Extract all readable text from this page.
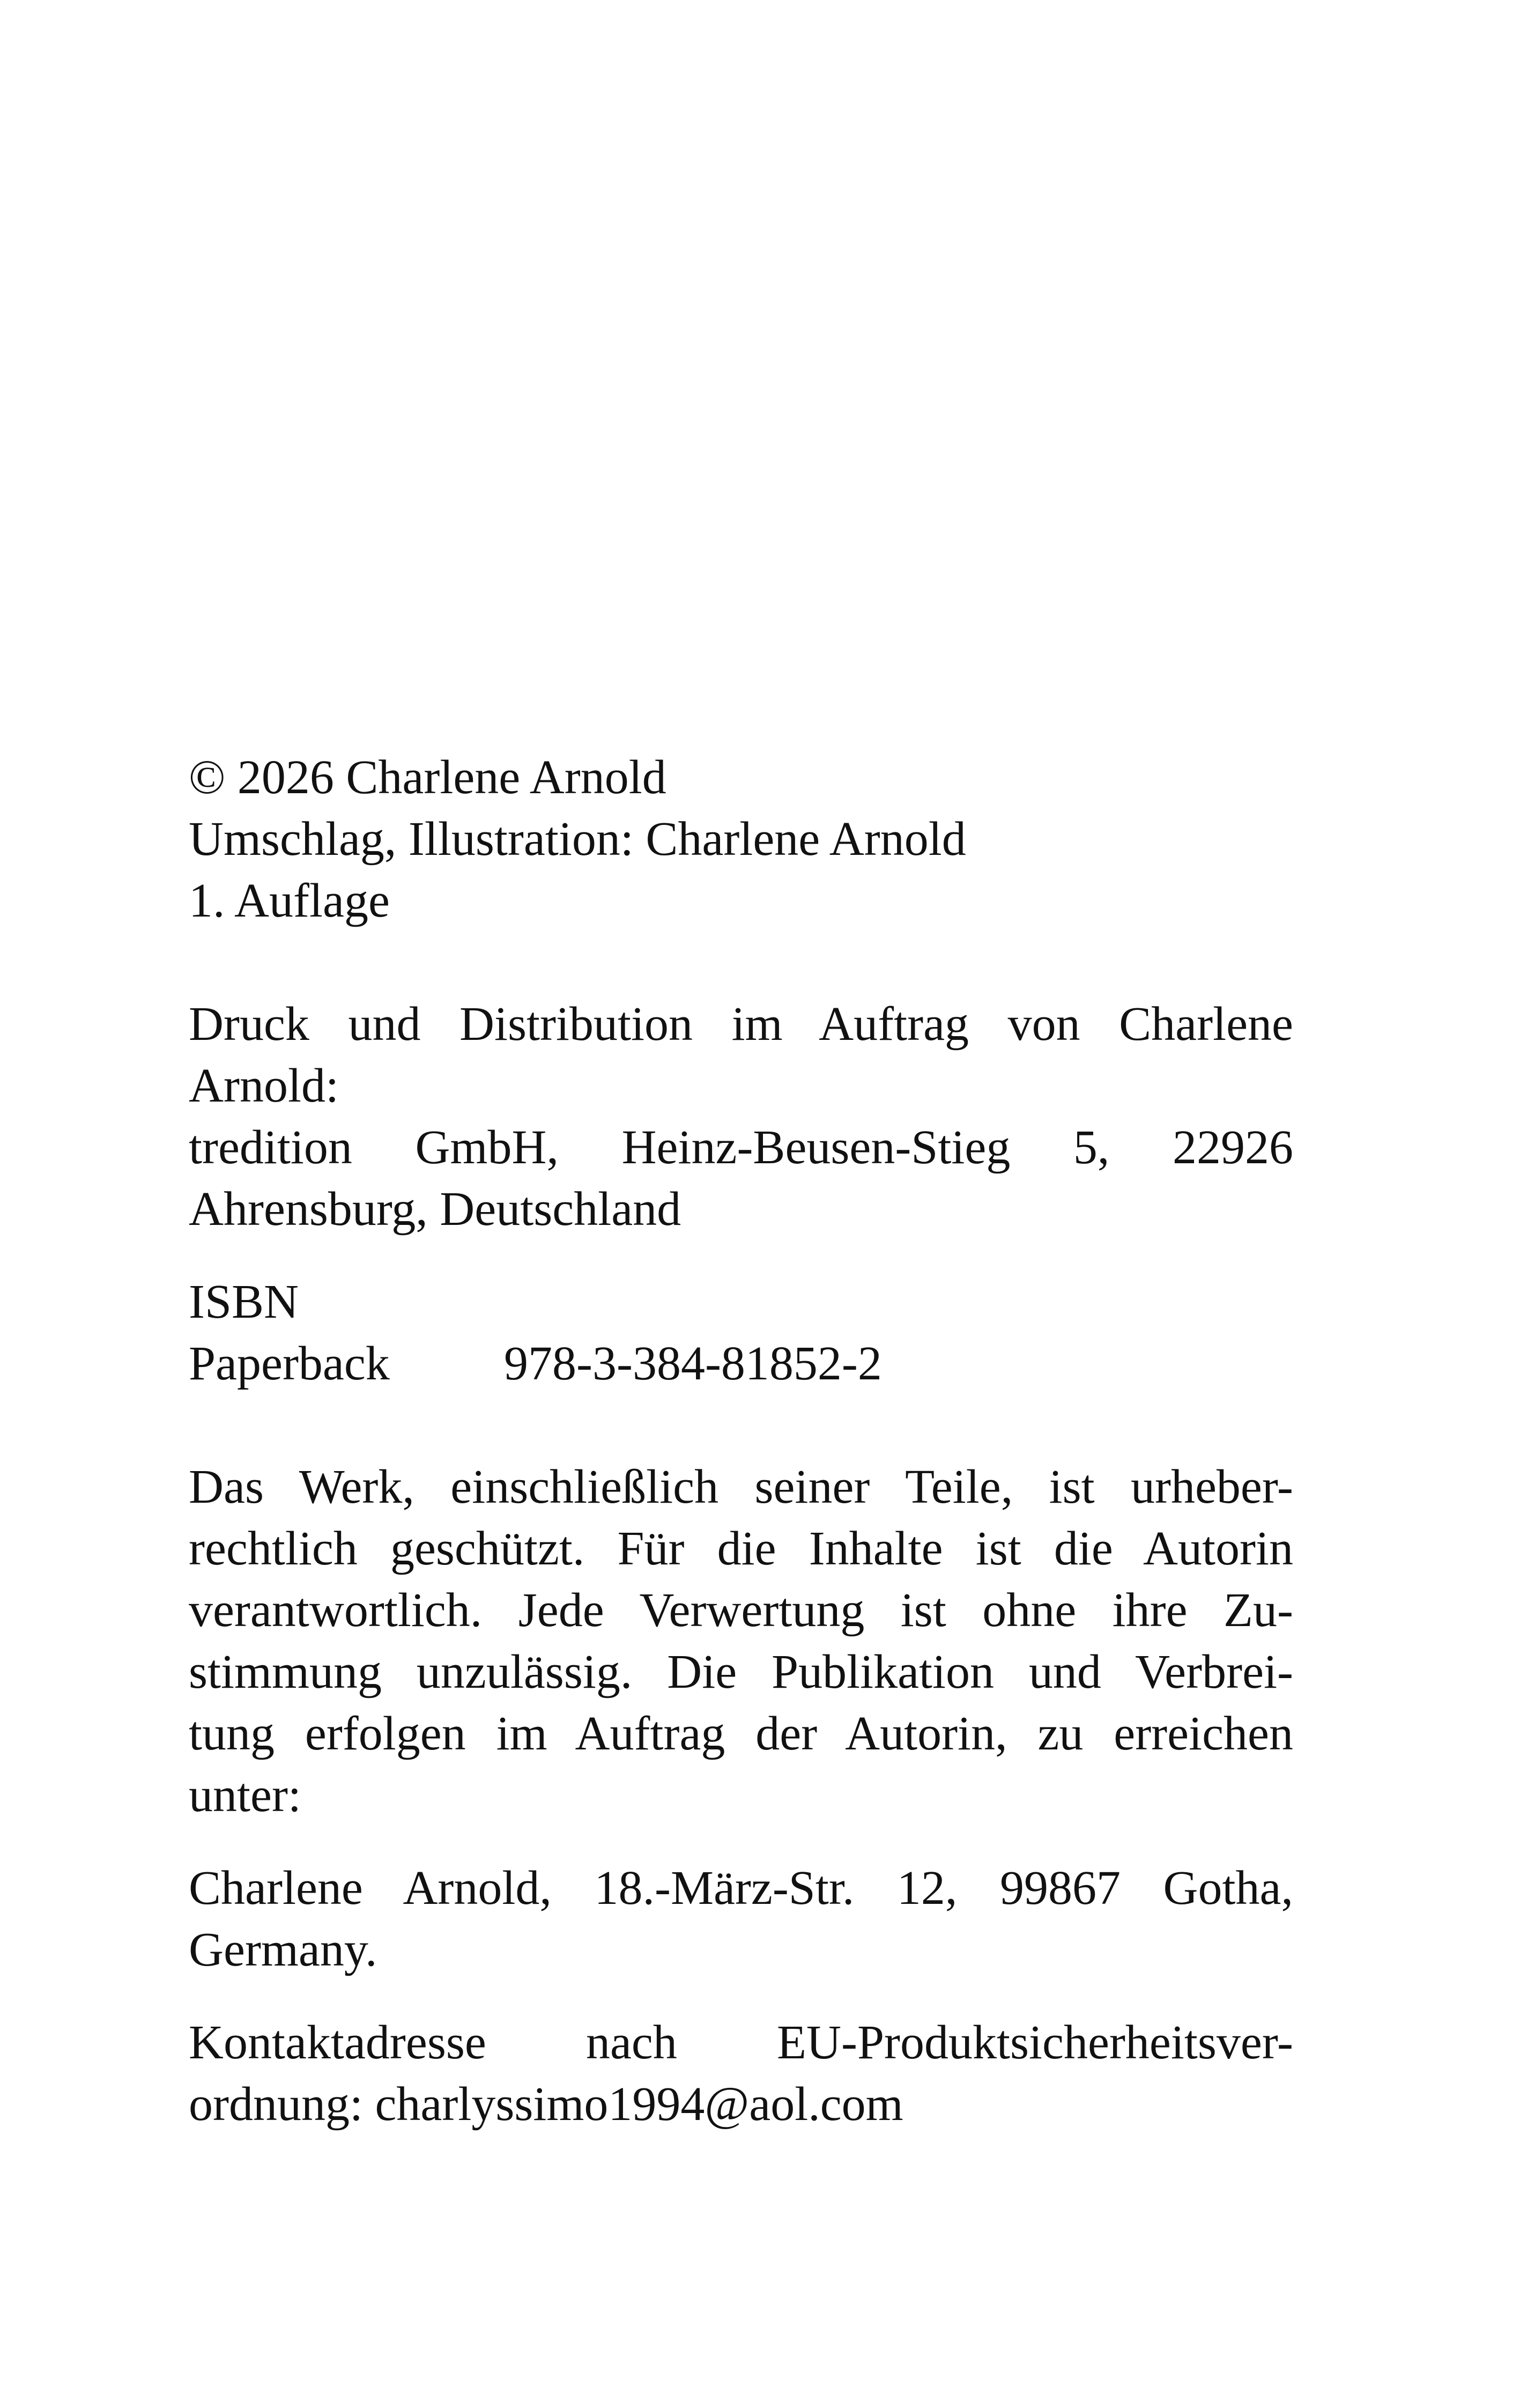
© 2026 Charlene Arnold
Umschlag, Illustration: Charlene Arnold
1. Auflage
Druck und Distribution im Auftrag von Charlene
Arnold:
tredition GmbH, Heinz-Beusen-Stieg 5, 22926
Ahrensburg, Deutschland
ISBN
Paperback 978-3-384-81852-2
Das Werk, einschließlich seiner Teile, ist urheber-
rechtlich geschützt. Für die Inhalte ist die Autorin
verantwortlich. Jede Verwertung ist ohne ihre Zu-
stimmung unzulässig. Die Publikation und Verbrei-
tung erfolgen im Auftrag der Autorin, zu erreichen
unter:
Charlene Arnold, 18.-März-Str. 12, 99867 Gotha,
Germany.
Kontaktadresse nach EU-Produktsicherheitsver-
ordnung: charlyssimo1994@aol.com
